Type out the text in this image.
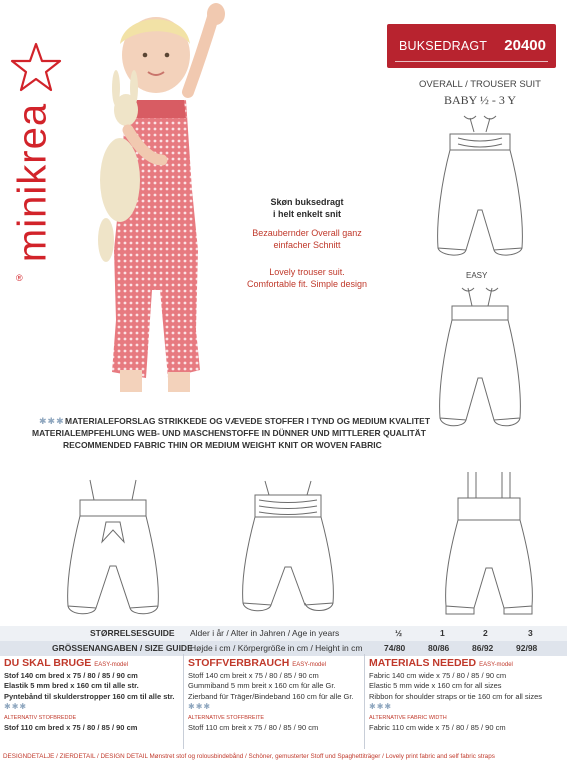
minikrea
®
BUKSEDRAGT 20400
OVERALL / TROUSER SUIT
BABY ½ - 3 Y
EASY
Skøn buksedragt
i helt enkelt snit
Bezaubernder Overall ganz
einfacher Schnitt
Lovely trouser suit.
Comfortable fit. Simple design
✱✱✱ MATERIALEFORSLAG STRIKKEDE OG VÆVEDE STOFFER I TYND OG MEDIUM KVALITET
MATERIALEMPFEHLUNG WEB- UND MASCHENSTOFFE IN DÜNNER UND MITTLERER QUALITÄT
RECOMMENDED FABRIC THIN OR MEDIUM WEIGHT KNIT OR WOVEN FABRIC
STØRRELSESGUIDE Alder i år / Alter in Jahren / Age in years	½	1	2	3
GRÖSSENANGABEN / SIZE GUIDE
Højde i cm / Körpergröße in cm / Height in cm	74/80	80/86	86/92	92/98
DU SKAL BRUGE EASY-model
Stof 140 cm bred x 75 / 80 / 85 / 90 cm
Elastik 5 mm bred x 160 cm til alle str.
Pyntebånd til skulderstropper 160 cm til alle str.
✱✱✱
ALTERNATIV STOFBREDDE
Stof 110 cm bred x 75 / 80 / 85 / 90 cm
STOFFVERBRAUCH EASY-model
Stoff 140 cm breit x 75 / 80 / 85 / 90 cm
Gummiband 5 mm breit x 160 cm für alle Gr.
Zierband für Träger/Bindeband 160 cm für alle Gr.
✱✱✱
ALTERNATIVE STOFFBREITE
Stoff 110 cm breit x 75 / 80 / 85 / 90 cm
MATERIALS NEEDED EASY-model
Fabric 140 cm wide x 75 / 80 / 85 / 90 cm
Elastic 5 mm wide x 160 cm for all sizes
Ribbon for shoulder straps or tie 160 cm for all sizes
✱✱✱
ALTERNATIVE FABRIC WIDTH
Fabric 110 cm wide x 75 / 80 / 85 / 90 cm
DESIGNDETALJE / ZIERDETAIL / DESIGN DETAIL Mønstret stof og rolousbindebånd / Schöner, gemusterter Stoff und Spaghettiträger / Lovely print fabric and self fabric straps
